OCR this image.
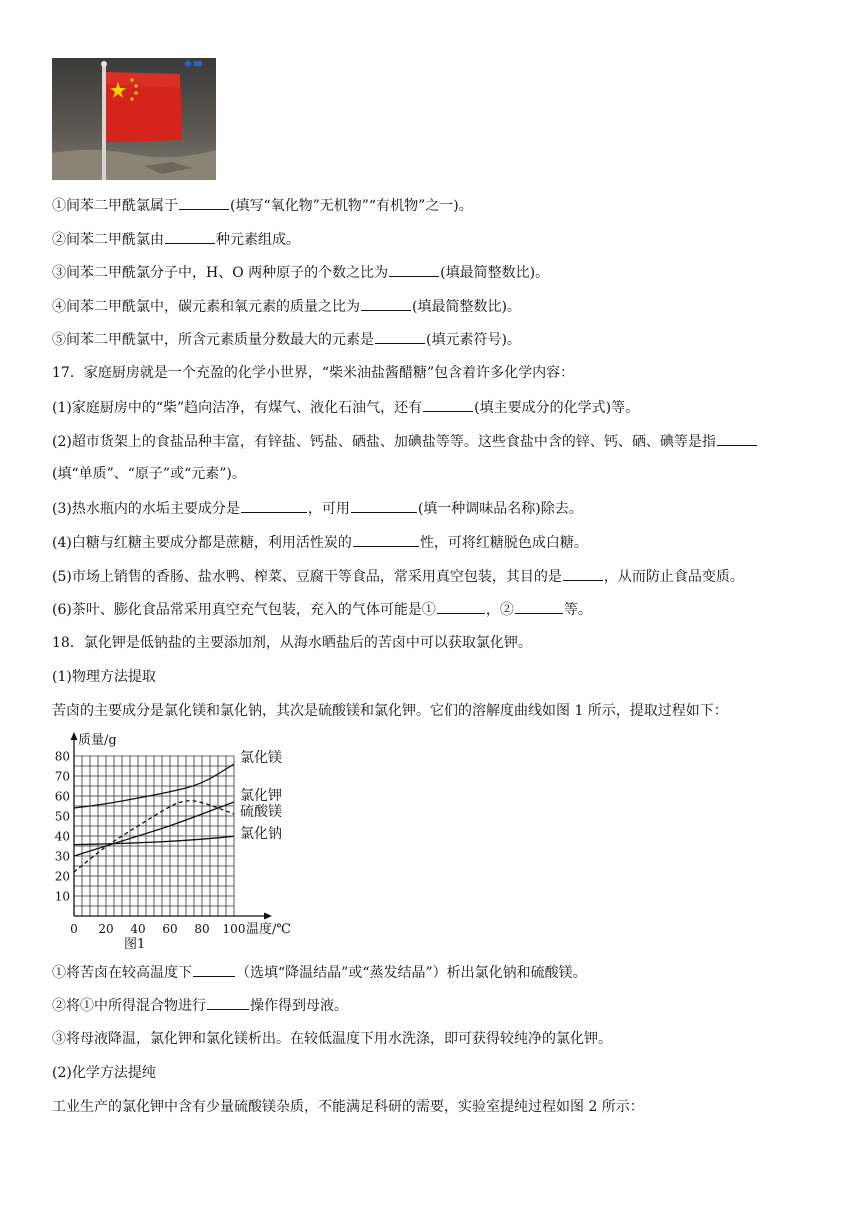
①间苯二甲酰氯属于	(填写“氧化物”无机物”“有机物”之一)。
②间苯二甲酰氯由	种元素组成。
③间苯二甲酰氯分子中，H、O 两种原子的个数之比为	(填最简整数比)。
④间苯二甲酰氯中，碳元素和氧元素的质量之比为	(填最简整数比)。
⑤间苯二甲酰氯中，所含元素质量分数最大的元素是	(填元素符号)。
17．家庭厨房就是一个充盈的化学小世界，“柴米油盐酱醋糖”包含着许多化学内容：
(1)家庭厨房中的“柴”趋向洁净，有煤气、液化石油气，还有	(填主要成分的化学式)等。
(2)超市货架上的食盐品种丰富，有锌盐、钙盐、硒盐、加碘盐等等。这些食盐中含的锌、钙、硒、碘等是指
(填“单质”、“原子”或“元素”)。
(3)热水瓶内的水垢主要成分是	，可用	(填一种调味品名称)除去。
(4)白糖与红糖主要成分都是蔗糖，利用活性炭的	性，可将红糖脱色成白糖。
(5)市场上销售的香肠、盐水鸭、榨菜、豆腐干等食品，常采用真空包装，其目的是	，从而防止食品变质。
(6)茶叶、膨化食品常采用真空充气包装，充入的气体可能是①	，②	等。
18．氯化钾是低钠盐的主要添加剂，从海水晒盐后的苦卤中可以获取氯化钾。
(1)物理方法提取
苦卤的主要成分是氯化镁和氯化钠，其次是硫酸镁和氯化钾。它们的溶解度曲线如图 1 所示，提取过程如下：
10
20
30
40
50
60
70
80
0 20 40 60 80 100
质量/g
温度/℃
图1
氯化镁
氯化钾
硫酸镁
氯化钠
①将苦卤在较高温度下	（选填“降温结晶”或“蒸发结晶”）析出氯化钠和硫酸镁。
②将①中所得混合物进行	操作得到母液。
③将母液降温，氯化钾和氯化镁析出。在较低温度下用水洗涤，即可获得较纯净的氯化钾。
(2)化学方法提纯
工业生产的氯化钾中含有少量硫酸镁杂质，不能满足科研的需要，实验室提纯过程如图 2 所示：
